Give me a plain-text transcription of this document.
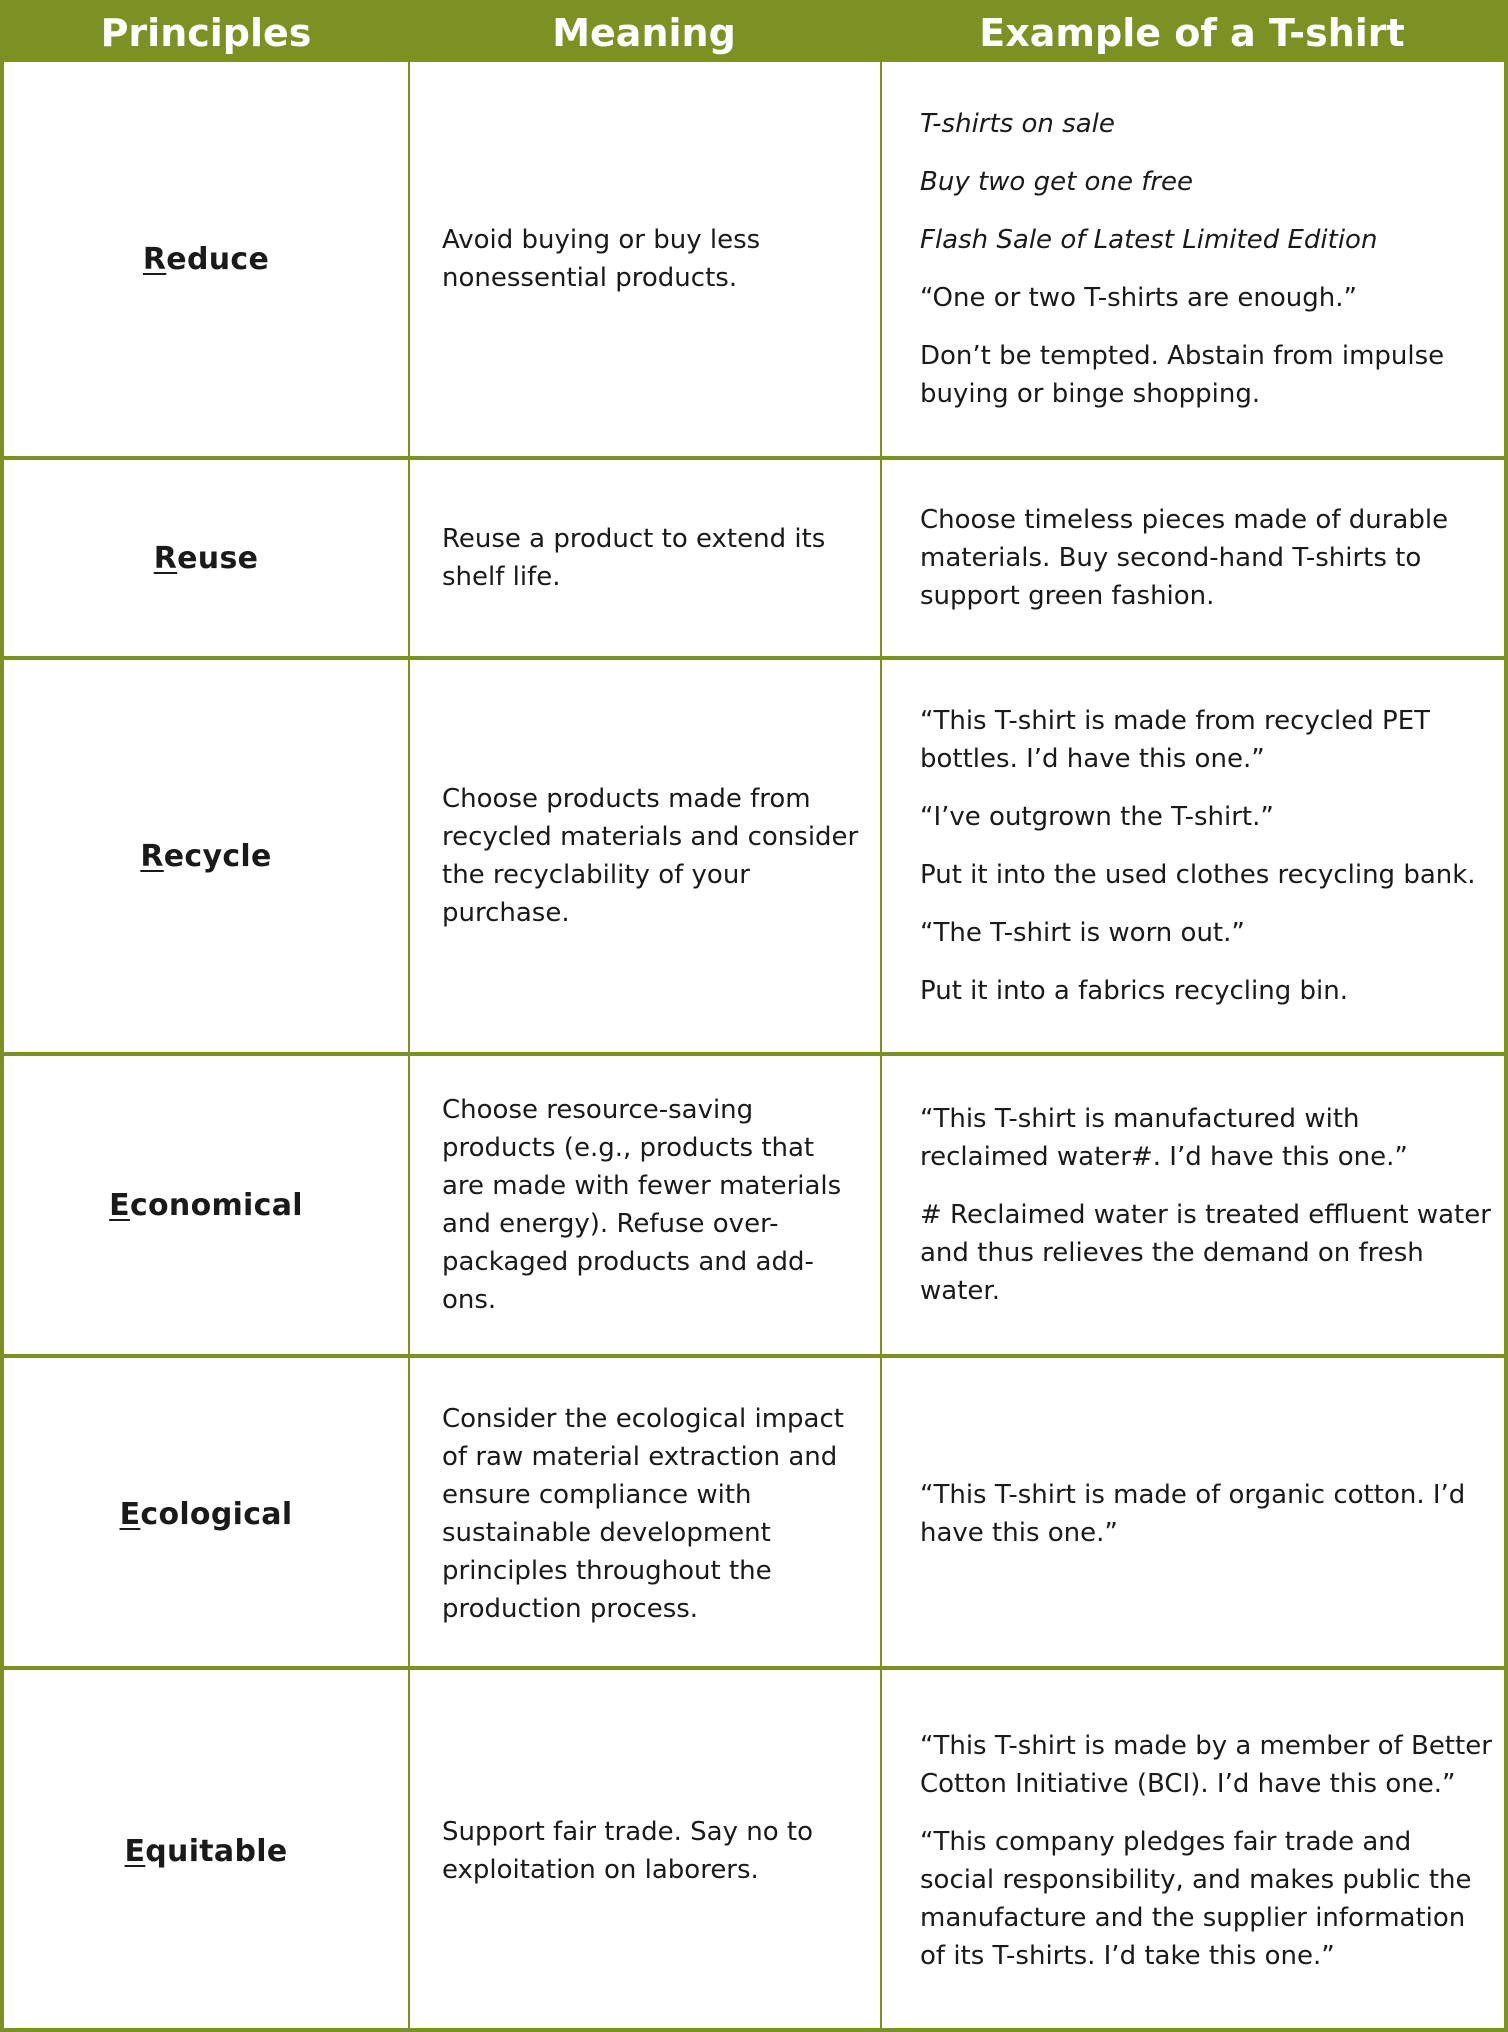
Principles	Meaning	Example of a T-shirt
Reduce
Avoid buying or buy less nonessential products.

T-shirts on sale

Buy two get one free

Flash Sale of Latest Limited Edition

“One or two T-shirts are enough.”

Don’t be tempted. Abstain from impulse buying or binge shopping.

Reuse
Reuse a product to extend its shelf life.

Choose timeless pieces made of durable materials. Buy second-hand T-shirts to support green fashion.

Recycle
Choose products made from recycled materials and consider the recyclability of your purchase.

“This T-shirt is made from recycled PET bottles. I’d have this one.”

“I’ve outgrown the T-shirt.”

Put it into the used clothes recycling bank.

“The T-shirt is worn out.”

Put it into a fabrics recycling bin.

Economical
Choose resource-saving products (e.g., products that are made with fewer materials and energy). Refuse over-packaged products and add-ons.

“This T-shirt is manufactured with reclaimed water#. I’d have this one.”

# Reclaimed water is treated effluent water and thus relieves the demand on fresh water.

Ecological
Consider the ecological impact of raw material extraction and ensure compliance with sustainable development principles throughout the production process.

“This T-shirt is made of organic cotton. I’d have this one.”

Equitable
Support fair trade. Say no to exploitation on laborers.

“This T-shirt is made by a member of Better Cotton Initiative (BCI). I’d have this one.”

“This company pledges fair trade and social responsibility, and makes public the manufacture and the supplier information of its T-shirts. I’d take this one.”
